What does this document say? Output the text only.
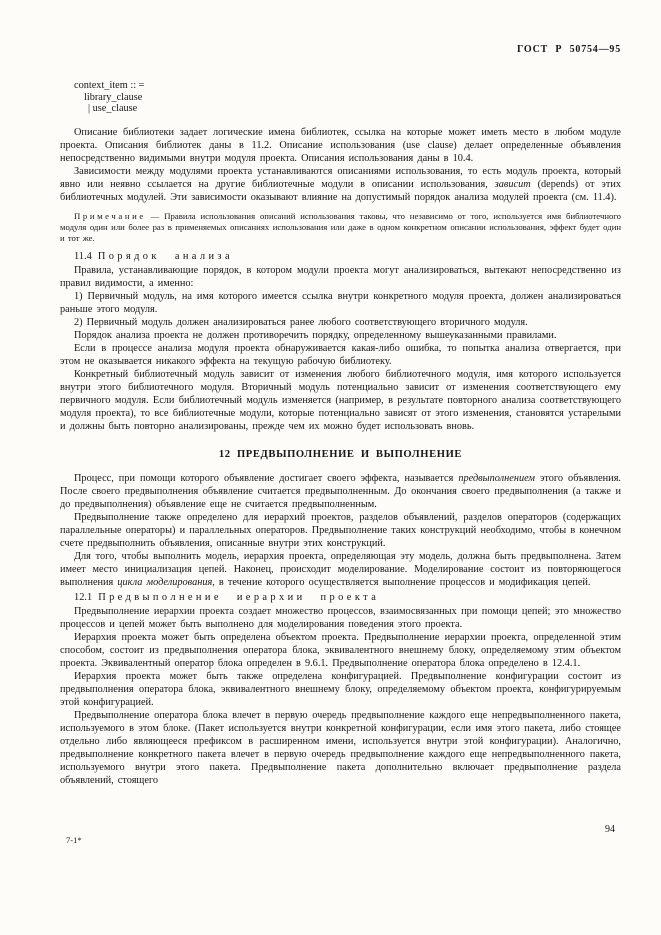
ГОСТ Р 50754—95
context_item :: =
library_clause
| use_clause

Описание библиотеки задает логические имена библиотек, ссылка на которые может иметь место в любом модуле проекта. Описания библиотек даны в 11.2. Описание использования (use clause) делает определенные объявления непосредственно видимыми внутри модуля проекта. Описания использования даны в 10.4.

Зависимости между модулями проекта устанавливаются описаниями использования, то есть модуль проекта, который явно или неявно ссылается на другие библиотечные модули в описании использования, зависит (depends) от этих библиотечных модулей. Эти зависимости оказывают влияние на допустимый порядок анализа модулей проекта (см. 11.4).

Примечание — Правила использования описаний использования таковы, что независимо от того, используется имя библиотечного модуля один или более раз в применяемых описаниях использования или даже в одном конкретном описании использования, эффект будет один и тот же.
11.4 Порядок анализа

Правила, устанавливающие порядок, в котором модули проекта могут анализироваться, вытекают непосредственно из правил видимости, а именно:

1) Первичный модуль, на имя которого имеется ссылка внутри конкретного модуля проекта, должен анализироваться раньше этого модуля.

2) Первичный модуль должен анализироваться ранее любого соответствующего вторичного модуля.

Порядок анализа проекта не должен противоречить порядку, определенному вышеуказанными правилами.

Если в процессе анализа модуля проекта обнаруживается какая-либо ошибка, то попытка анализа отвергается, при этом не оказывается никакого эффекта на текущую рабочую библиотеку.

Конкретный библиотечный модуль зависит от изменения любого библиотечного модуля, имя которого используется внутри этого библиотечного модуля. Вторичный модуль потенциально зависит от изменения соответствующего ему первичного модуля. Если библиотечный модуль изменяется (например, в результате повторного анализа соответствующего модуля проекта), то все библиотечные модули, которые потенциально зависят от этого изменения, становятся устарелыми и должны быть повторно анализированы, прежде чем их можно будет использовать вновь.

12 ПРЕДВЫПОЛНЕНИЕ И ВЫПОЛНЕНИЕ

Процесс, при помощи которого объявление достигает своего эффекта, называется предвыполнением этого объявления. После своего предвыполнения объявление считается предвыполненным. До окончания своего предвыполнения (а также и до предвыполнения) объявление еще не считается предвыполненным.

Предвыполнение также определено для иерархий проектов, разделов объявлений, разделов операторов (содержащих параллельные операторы) и параллельных операторов. Предвыполнение таких конструкций необходимо, чтобы в конечном счете предвыполнить объявления, описанные внутри этих конструкций.

Для того, чтобы выполнить модель, иерархия проекта, определяющая эту модель, должна быть предвыполнена. Затем имеет место инициализация цепей. Наконец, происходит моделирование. Моделирование состоит из повторяющегося выполнения цикла моделирования, в течение которого осуществляется выполнение процессов и модификация цепей.

12.1 Предвыполнение иерархии проекта

Предвыполнение иерархии проекта создает множество процессов, взаимосвязанных при помощи цепей; это множество процессов и цепей может быть выполнено для моделирования поведения этого проекта.

Иерархия проекта может быть определена объектом проекта. Предвыполнение иерархии проекта, определенной этим способом, состоит из предвыполнения оператора блока, эквивалентного внешнему блоку, определяемому этим объектом проекта. Эквивалентный оператор блока определен в 9.6.1. Предвыполнение оператора блока определено в 12.4.1.

Иерархия проекта может быть также определена конфигурацией. Предвыполнение конфигурации состоит из предвыполнения оператора блока, эквивалентного внешнему блоку, определяемому объектом проекта, конфигурируемым этой конфигурацией.

Предвыполнение оператора блока влечет в первую очередь предвыполнение каждого еще непредвыполненного пакета, используемого в этом блоке. (Пакет используется внутри конкретной конфигурации, если имя этого пакета, либо стоящее отдельно либо являющееся префиксом в расширенном имени, используется внутри этой конфигурации). Аналогично, предвыполнение конкретного пакета влечет в первую очередь предвыполнение каждого еще непредвыполненного пакета, используемого внутри этого пакета. Предвыполнение пакета дополнительно включает предвыполнение раздела объявлений, стоящего

7-1*
94
